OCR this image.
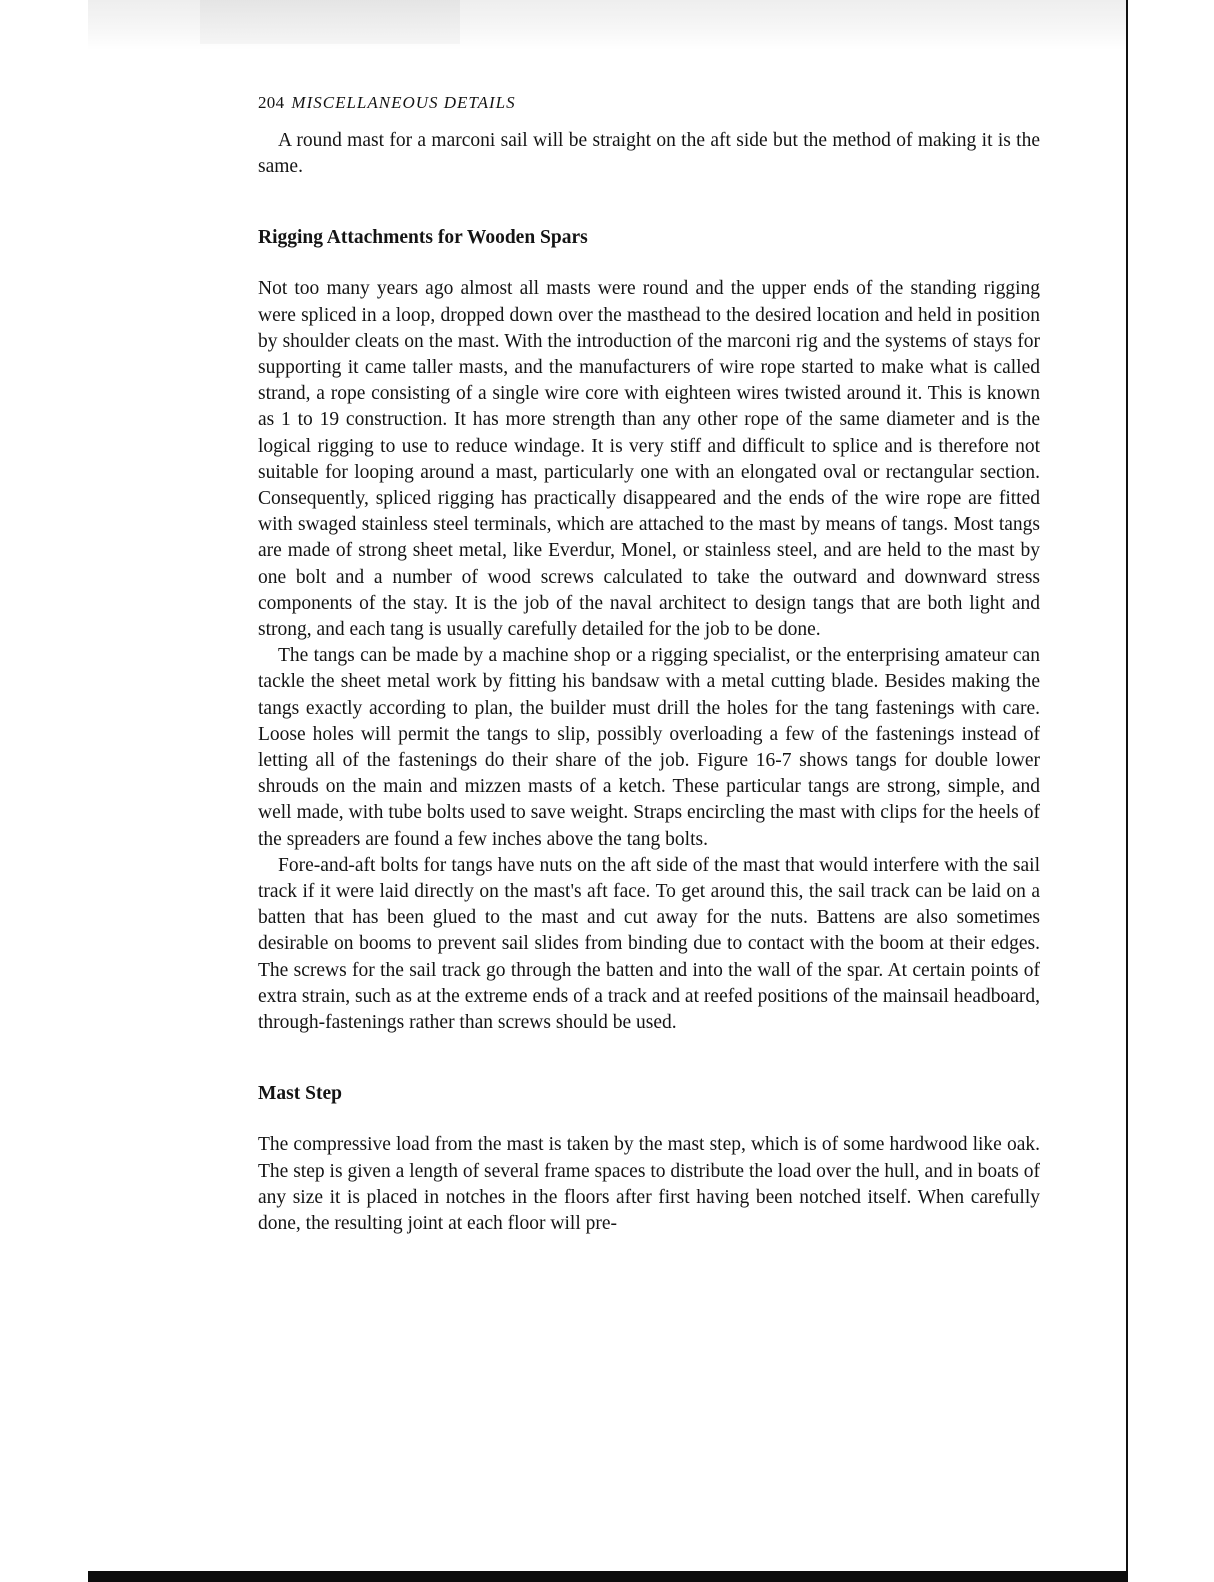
204 MISCELLANEOUS DETAILS

A round mast for a marconi sail will be straight on the aft side but the method of making it is the same.

Rigging Attachments for Wooden Spars

Not too many years ago almost all masts were round and the upper ends of the standing rigging were spliced in a loop, dropped down over the masthead to the desired location and held in position by shoulder cleats on the mast. With the introduction of the marconi rig and the systems of stays for supporting it came taller masts, and the manufacturers of wire rope started to make what is called strand, a rope consisting of a single wire core with eighteen wires twisted around it. This is known as 1 to 19 construction. It has more strength than any other rope of the same diameter and is the logical rigging to use to reduce windage. It is very stiff and difficult to splice and is therefore not suitable for looping around a mast, particularly one with an elongated oval or rectangular section. Consequently, spliced rigging has practically disappeared and the ends of the wire rope are fitted with swaged stainless steel terminals, which are attached to the mast by means of tangs. Most tangs are made of strong sheet metal, like Everdur, Monel, or stainless steel, and are held to the mast by one bolt and a number of wood screws calculated to take the outward and downward stress components of the stay. It is the job of the naval architect to design tangs that are both light and strong, and each tang is usually carefully detailed for the job to be done.

The tangs can be made by a machine shop or a rigging specialist, or the enterprising amateur can tackle the sheet metal work by fitting his bandsaw with a metal cutting blade. Besides making the tangs exactly according to plan, the builder must drill the holes for the tang fastenings with care. Loose holes will permit the tangs to slip, possibly overloading a few of the fastenings instead of letting all of the fastenings do their share of the job. Figure 16-7 shows tangs for double lower shrouds on the main and mizzen masts of a ketch. These particular tangs are strong, simple, and well made, with tube bolts used to save weight. Straps encircling the mast with clips for the heels of the spreaders are found a few inches above the tang bolts.

Fore-and-aft bolts for tangs have nuts on the aft side of the mast that would interfere with the sail track if it were laid directly on the mast's aft face. To get around this, the sail track can be laid on a batten that has been glued to the mast and cut away for the nuts. Battens are also sometimes desirable on booms to prevent sail slides from binding due to contact with the boom at their edges. The screws for the sail track go through the batten and into the wall of the spar. At certain points of extra strain, such as at the extreme ends of a track and at reefed positions of the mainsail headboard, through-fastenings rather than screws should be used.

Mast Step

The compressive load from the mast is taken by the mast step, which is of some hardwood like oak. The step is given a length of several frame spaces to distribute the load over the hull, and in boats of any size it is placed in notches in the floors after first having been notched itself. When carefully done, the resulting joint at each floor will pre-
